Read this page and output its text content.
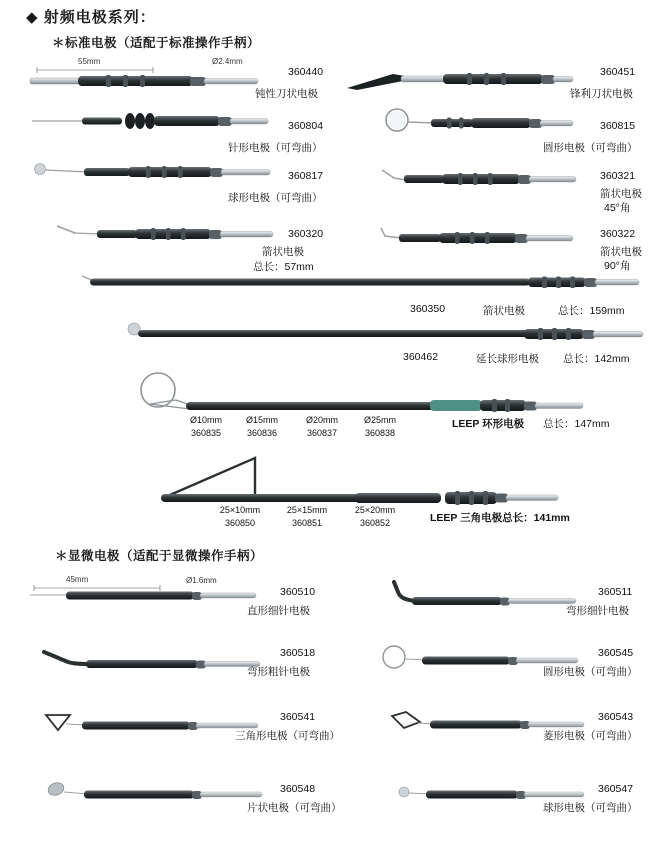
◆ 射频电极系列：
＊标准电极（适配于标准操作手柄）
55mm	Ø2.4mm
360440
钝性刀状电极
360451
锋利刀状电极
360804
针形电极（可弯曲）
360815
圆形电极（可弯曲）
360817
球形电极（可弯曲）
360321
箭状电极
45°角
360320
箭状电极
总长：57mm
360322
箭状电极
90°角
360350	箭状电极	总长：159mm
360462	延长球形电极 总长：142mm
Ø10mm
360835
Ø15mm
360836
Ø20mm
360837
Ø25mm
360838
LEEP 环形电极 总长：147mm
25×10mm
360850
25×15mm
360851
25×20mm
360852	LEEP 三角电极总长：141mm
＊显微电极（适配于显微操作手柄）
45mm	Ø1.6mm
360510
直形细针电极
360511
弯形细针电极
360518
弯形粗针电极
360545
圆形电极（可弯曲）
360541
三角形电极（可弯曲）
360543
菱形电极（可弯曲）
360548
片状电极（可弯曲）
360547
球形电极（可弯曲）
